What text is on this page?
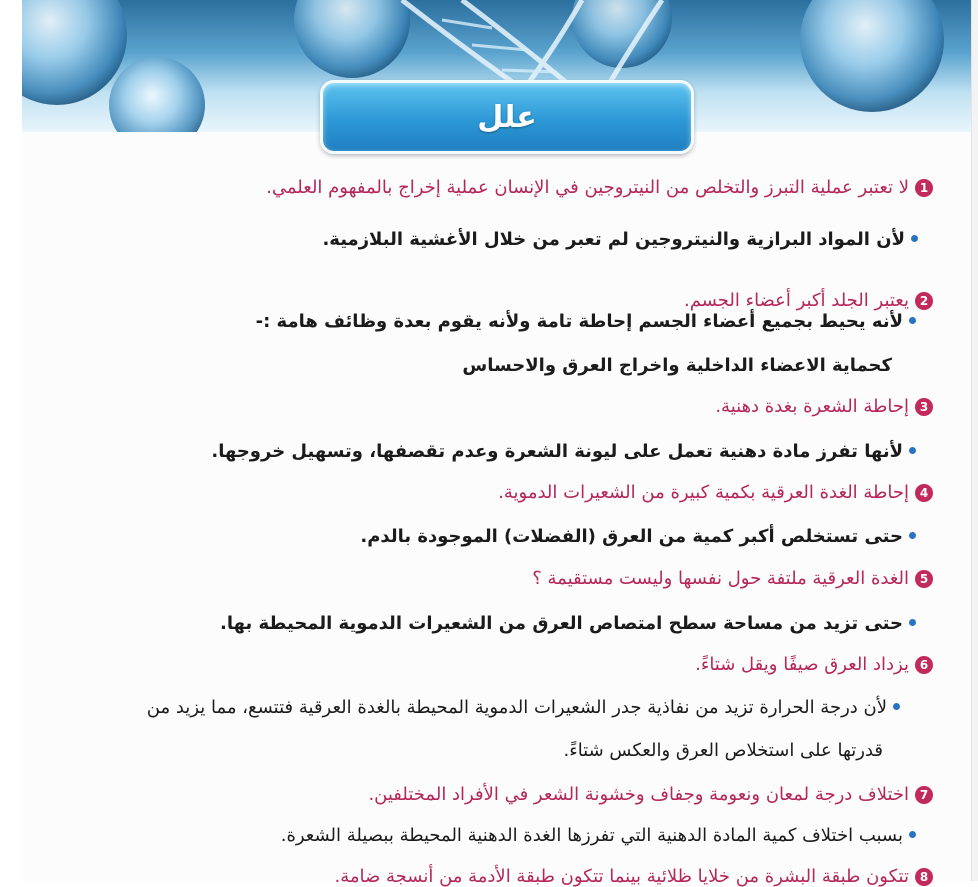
علل
1لا تعتبر عملية التبرز والتخلص من النيتروجين في الإنسان عملية إخراج بالمفهوم العلمي.
لأن المواد البرازية والنيتروجين لم تعبر من خلال الأغشية البلازمية.
2يعتبر الجلد أكبر أعضاء الجسم.
لأنه يحيط بجميع أعضاء الجسم إحاطة تامة ولأنه يقوم بعدة وظائف هامة :-
كحماية الاعضاء الداخلية واخراج العرق والاحساس
3إحاطة الشعرة بغدة دهنية.
لأنها تفرز مادة دهنية تعمل على ليونة الشعرة وعدم تقصفها، وتسهيل خروجها.
4إحاطة الغدة العرقية بكمية كبيرة من الشعيرات الدموية.
حتى تستخلص أكبر كمية من العرق (الفضلات) الموجودة بالدم.
5الغدة العرقية ملتفة حول نفسها وليست مستقيمة ؟
حتى تزيد من مساحة سطح امتصاص العرق من الشعيرات الدموية المحيطة بها.
6يزداد العرق صيفًا ويقل شتاءً.
لأن درجة الحرارة تزيد من نفاذية جدر الشعيرات الدموية المحيطة بالغدة العرقية فتتسع، مما يزيد من
قدرتها على استخلاص العرق والعكس شتاءً.
7اختلاف درجة لمعان ونعومة وجفاف وخشونة الشعر في الأفراد المختلفين.
بسبب اختلاف كمية المادة الدهنية التي تفرزها الغدة الدهنية المحيطة ببصيلة الشعرة.
8تتكون طبقة البشرة من خلايا ظلائية بينما تتكون طبقة الأدمة من أنسجة ضامة.
